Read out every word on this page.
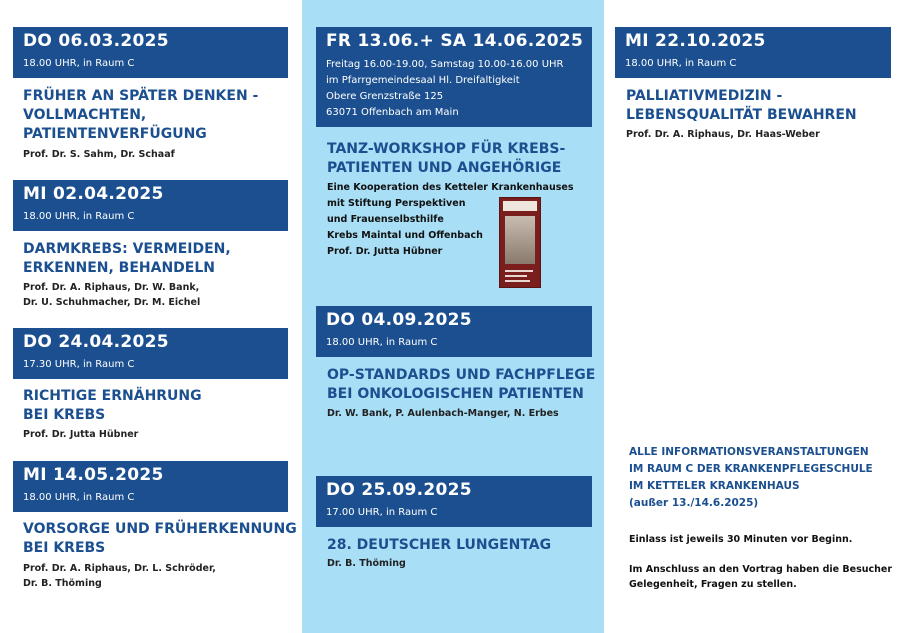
DO 06.03.2025
18.00 UHR, in Raum C
FRÜHER AN SPÄTER DENKEN -
VOLLMACHTEN,
PATIENTENVERFÜGUNG
Prof. Dr. S. Sahm, Dr. Schaaf
MI 02.04.2025
18.00 UHR, in Raum C
DARMKREBS: VERMEIDEN,
ERKENNEN, BEHANDELN
Prof. Dr. A. Riphaus, Dr. W. Bank,
Dr. U. Schuhmacher, Dr. M. Eichel
DO 24.04.2025
17.30 UHR, in Raum C
RICHTIGE ERNÄHRUNG
BEI KREBS
Prof. Dr. Jutta Hübner
MI 14.05.2025
18.00 UHR, in Raum C
VORSORGE UND FRÜHERKENNUNG
BEI KREBS
Prof. Dr. A. Riphaus, Dr. L. Schröder,
Dr. B. Thöming
FR 13.06.+ SA 14.06.2025
Freitag 16.00-19.00, Samstag 10.00-16.00 UHR
im Pfarrgemeindesaal Hl. Dreifaltigkeit
Obere Grenzstraße 125
63071 Offenbach am Main
TANZ-WORKSHOP FÜR KREBS-
PATIENTEN UND ANGEHÖRIGE
Eine Kooperation des Ketteler Krankenhauses
mit Stiftung Perspektiven
und Frauenselbsthilfe
Krebs Maintal und Offenbach
Prof. Dr. Jutta Hübner
DO 04.09.2025
18.00 UHR, in Raum C
OP-STANDARDS UND FACHPFLEGE
BEI ONKOLOGISCHEN PATIENTEN
Dr. W. Bank, P. Aulenbach-Manger, N. Erbes
DO 25.09.2025
17.00 UHR, in Raum C
28. DEUTSCHER LUNGENTAG
Dr. B. Thöming
MI 22.10.2025
18.00 UHR, in Raum C
PALLIATIVMEDIZIN -
LEBENSQUALITÄT BEWAHREN
Prof. Dr. A. Riphaus, Dr. Haas-Weber
ALLE INFORMATIONSVERANSTALTUNGEN
IM RAUM C DER KRANKENPFLEGESCHULE
IM KETTELER KRANKENHAUS
(außer 13./14.6.2025)
Einlass ist jeweils 30 Minuten vor Beginn.
Im Anschluss an den Vortrag haben die Besucher
Gelegenheit, Fragen zu stellen.
